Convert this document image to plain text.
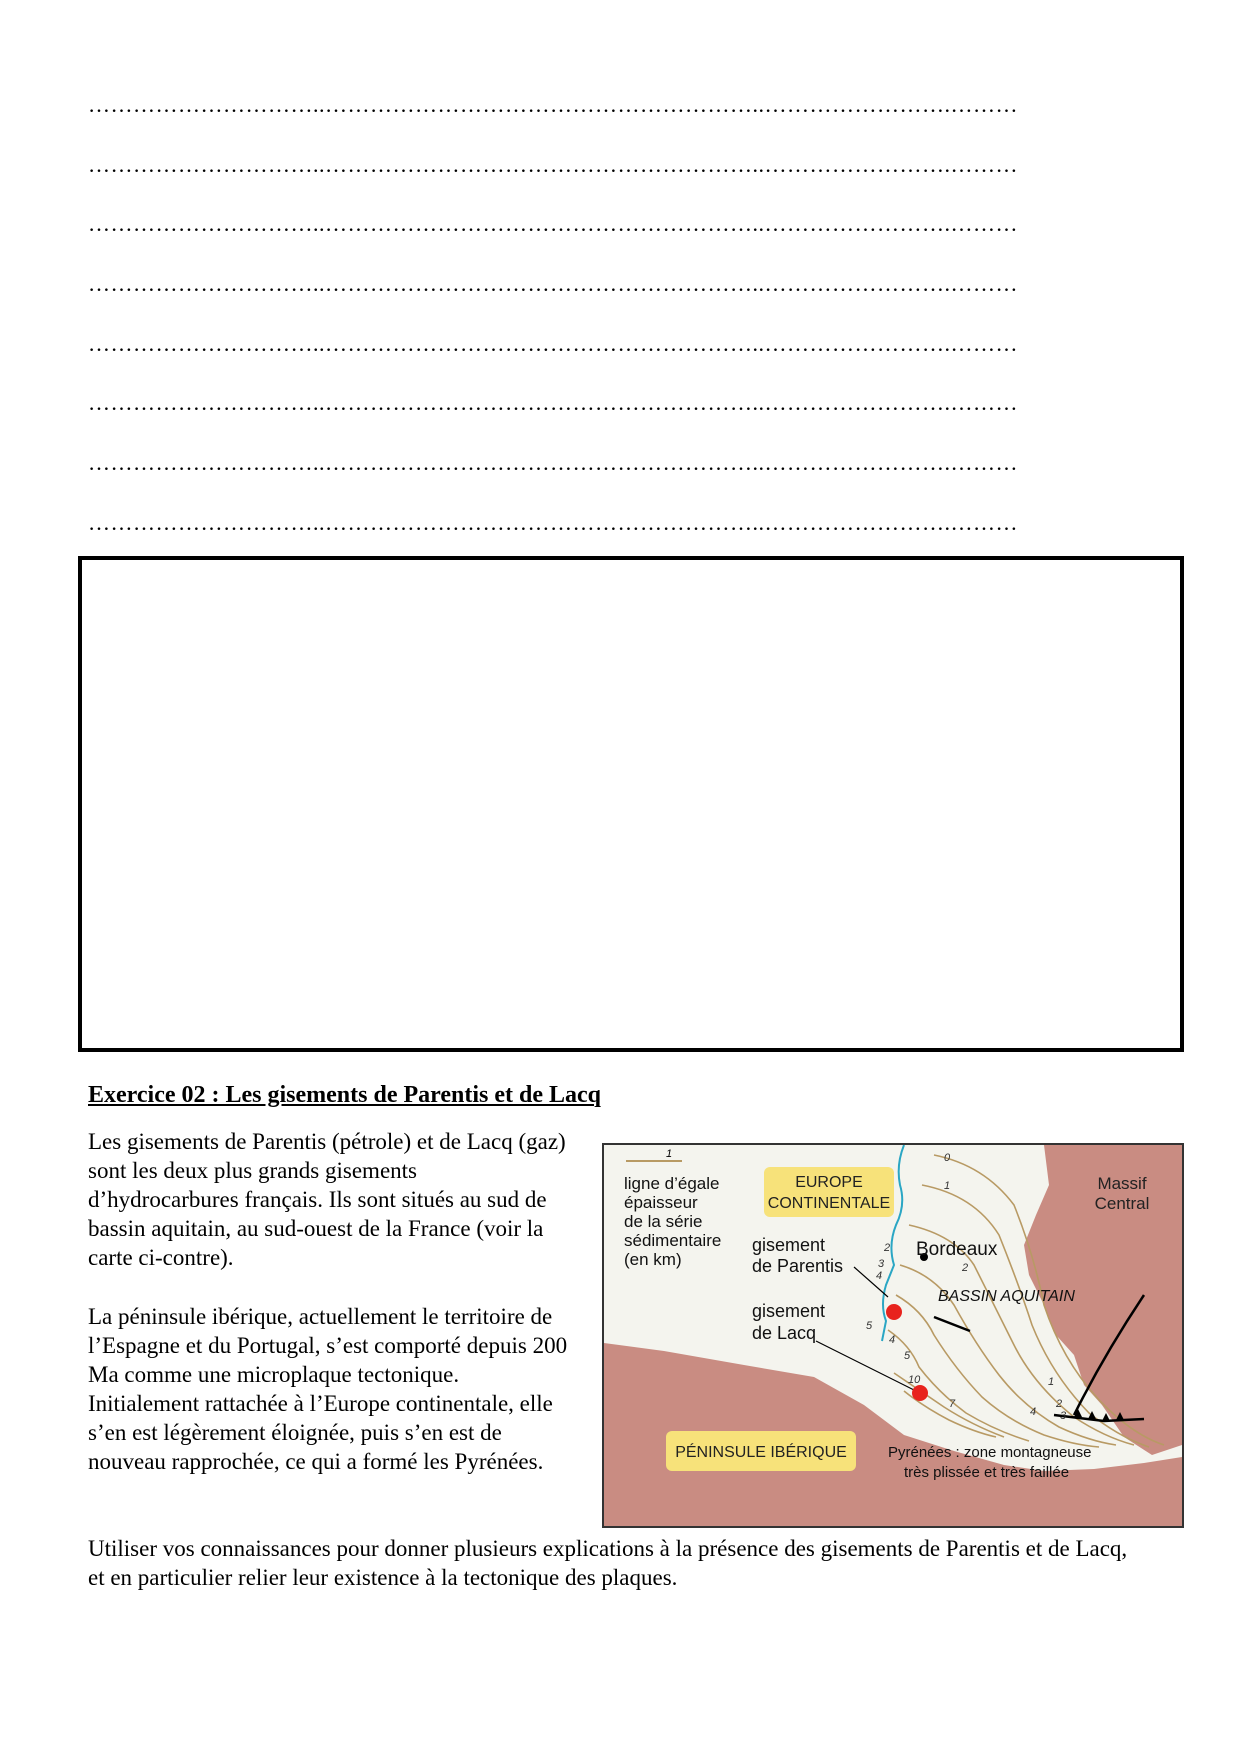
…………………………..…………………………………………………..…………………….………
…………………………..…………………………………………………..…………………….………
…………………………..…………………………………………………..…………………….………
…………………………..…………………………………………………..…………………….………
…………………………..…………………………………………………..…………………….………
…………………………..…………………………………………………..…………………….………
…………………………..…………………………………………………..…………………….………
…………………………..…………………………………………………..…………………….………
Exercice 02 : Les gisements de Parentis et de Lacq

Les gisements de Parentis (pétrole) et de Lacq (gaz) sont les deux plus grands gisements d’hydrocarbures français. Ils sont situés au sud de bassin aquitain, au sud-ouest de la France (voir la carte ci-contre).

La péninsule ibérique, actuellement le territoire de l’Espagne et du Portugal, s’est comporté depuis 200 Ma comme une microplaque tectonique. Initialement rattachée à l’Europe continentale, elle s’en est légèrement éloignée, puis s’en est de nouveau rapprochée, ce qui a formé les Pyrénées.

Utiliser vos connaissances pour donner plusieurs explications à la présence des gisements de Parentis et de Lacq, et en particulier relier leur existence à la tectonique des plaques.

1
ligne d’égale
épaisseur
de la série
sédimentaire
(en km)
EUROPE
CONTINENTALE
Massif
Central
Bordeaux
BASSIN AQUITAIN
gisement
de Parentis
gisement
de Lacq
0
1
2
2
3
4
5
4
5
10
7
1
2
4 3
PÉNINSULE IBÉRIQUE	Pyrénées : zone montagneuse
très plissée et très faillée
